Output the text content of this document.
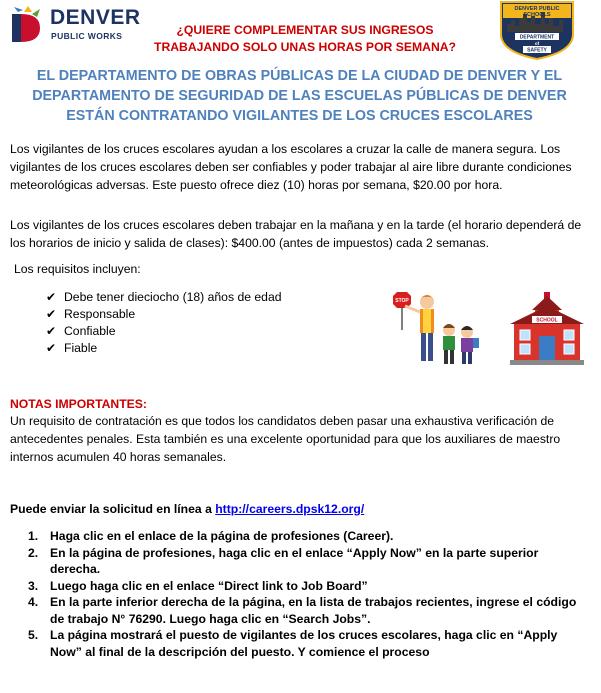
DENVER
PUBLIC WORKS	¿QUIERE COMPLEMENTAR SUS INGRESOS
TRABAJANDO SOLO UNAS HORAS POR SEMANA?
DENVER PUBLIC
SCHOOLS
DEPARTMENT
of
SAFETY
EL DEPARTAMENTO DE OBRAS PÚBLICAS DE LA CIUDAD DE DENVER Y EL
DEPARTAMENTO DE SEGURIDAD DE LAS ESCUELAS PÚBLICAS DE DENVER
ESTÁN CONTRATANDO VIGILANTES DE LOS CRUCES ESCOLARES

Los vigilantes de los cruces escolares ayudan a los escolares a cruzar la calle de manera segura. Los vigilantes de los cruces escolares deben ser confiables y poder trabajar al aire libre durante condiciones meteorológicas adversas. Este puesto ofrece diez (10) horas por semana, $20.00 por hora.

Los vigilantes de los cruces escolares deben trabajar en la mañana y en la tarde (el horario dependerá de los horarios de inicio y salida de clases): $400.00 (antes de impuestos) cada 2 semanas.

Los requisitos incluyen:
✔ Debe tener dieciocho (18) años de edad
✔ Responsable
✔ Confiable
✔ Fiable
STOP
SCHOOL
NOTAS IMPORTANTES:

Un requisito de contratación es que todos los candidatos deben pasar una exhaustiva verificación de antecedentes penales. Esta también es una excelente oportunidad para que los auxiliares de maestro internos acumulen 40 horas semanales.

Puede enviar la solicitud en línea a http://careers.dpsk12.org/
1. Haga clic en el enlace de la página de profesiones (Career).
2. En la página de profesiones, haga clic en el enlace “Apply Now” en la parte superior derecha.
3. Luego haga clic en el enlace “Direct link to Job Board”
4. En la parte inferior derecha de la página, en la lista de trabajos recientes, ingrese el código de trabajo N° 76290. Luego haga clic en “Search Jobs”.
5. La página mostrará el puesto de vigilantes de los cruces escolares, haga clic en “Apply Now” al final de la descripción del puesto. Y comience el proceso
